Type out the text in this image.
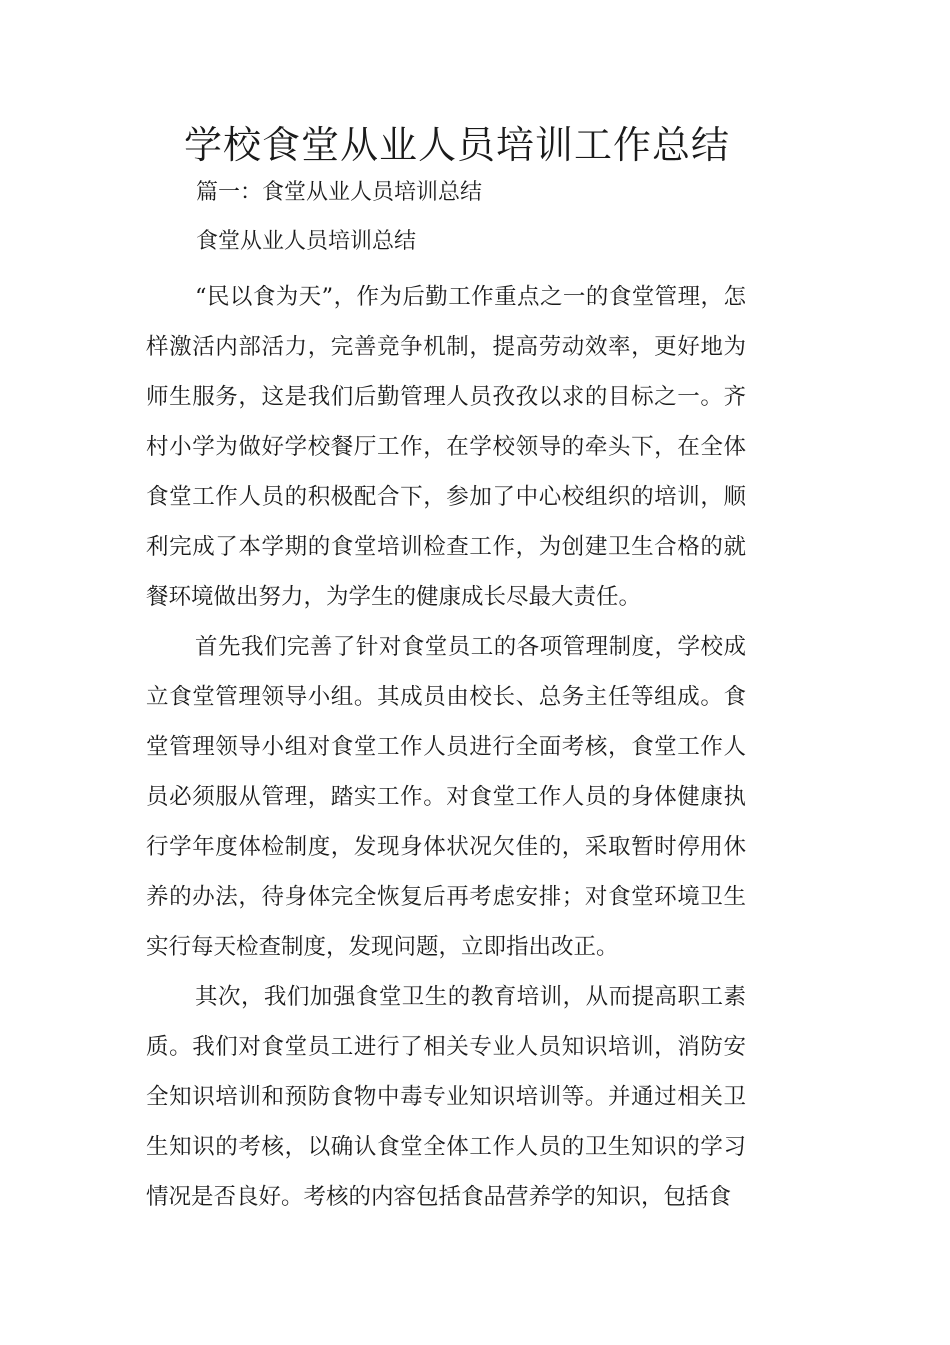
学校食堂从业人员培训工作总结
篇一：食堂从业人员培训总结
食堂从业人员培训总结

“民以食为天”，作为后勤工作重点之一的食堂管理，怎样激活内部活力，完善竞争机制，提高劳动效率，更好地为师生服务，这是我们后勤管理人员孜孜以求的目标之一。齐村小学为做好学校餐厅工作，在学校领导的牵头下，在全体食堂工作人员的积极配合下，参加了中心校组织的培训，顺利完成了本学期的食堂培训检查工作，为创建卫生合格的就餐环境做出努力，为学生的健康成长尽最大责任。

首先我们完善了针对食堂员工的各项管理制度，学校成立食堂管理领导小组。其成员由校长、总务主任等组成。食堂管理领导小组对食堂工作人员进行全面考核，食堂工作人员必须服从管理，踏实工作。对食堂工作人员的身体健康执行学年度体检制度，发现身体状况欠佳的，采取暂时停用休养的办法，待身体完全恢复后再考虑安排；对食堂环境卫生实行每天检查制度，发现问题，立即指出改正。

其次，我们加强食堂卫生的教育培训，从而提高职工素质。我们对食堂员工进行了相关专业人员知识培训，消防安全知识培训和预防食物中毒专业知识培训等。并通过相关卫生知识的考核，以确认食堂全体工作人员的卫生知识的学习情况是否良好。考核的内容包括食品营养学的知识，包括食
